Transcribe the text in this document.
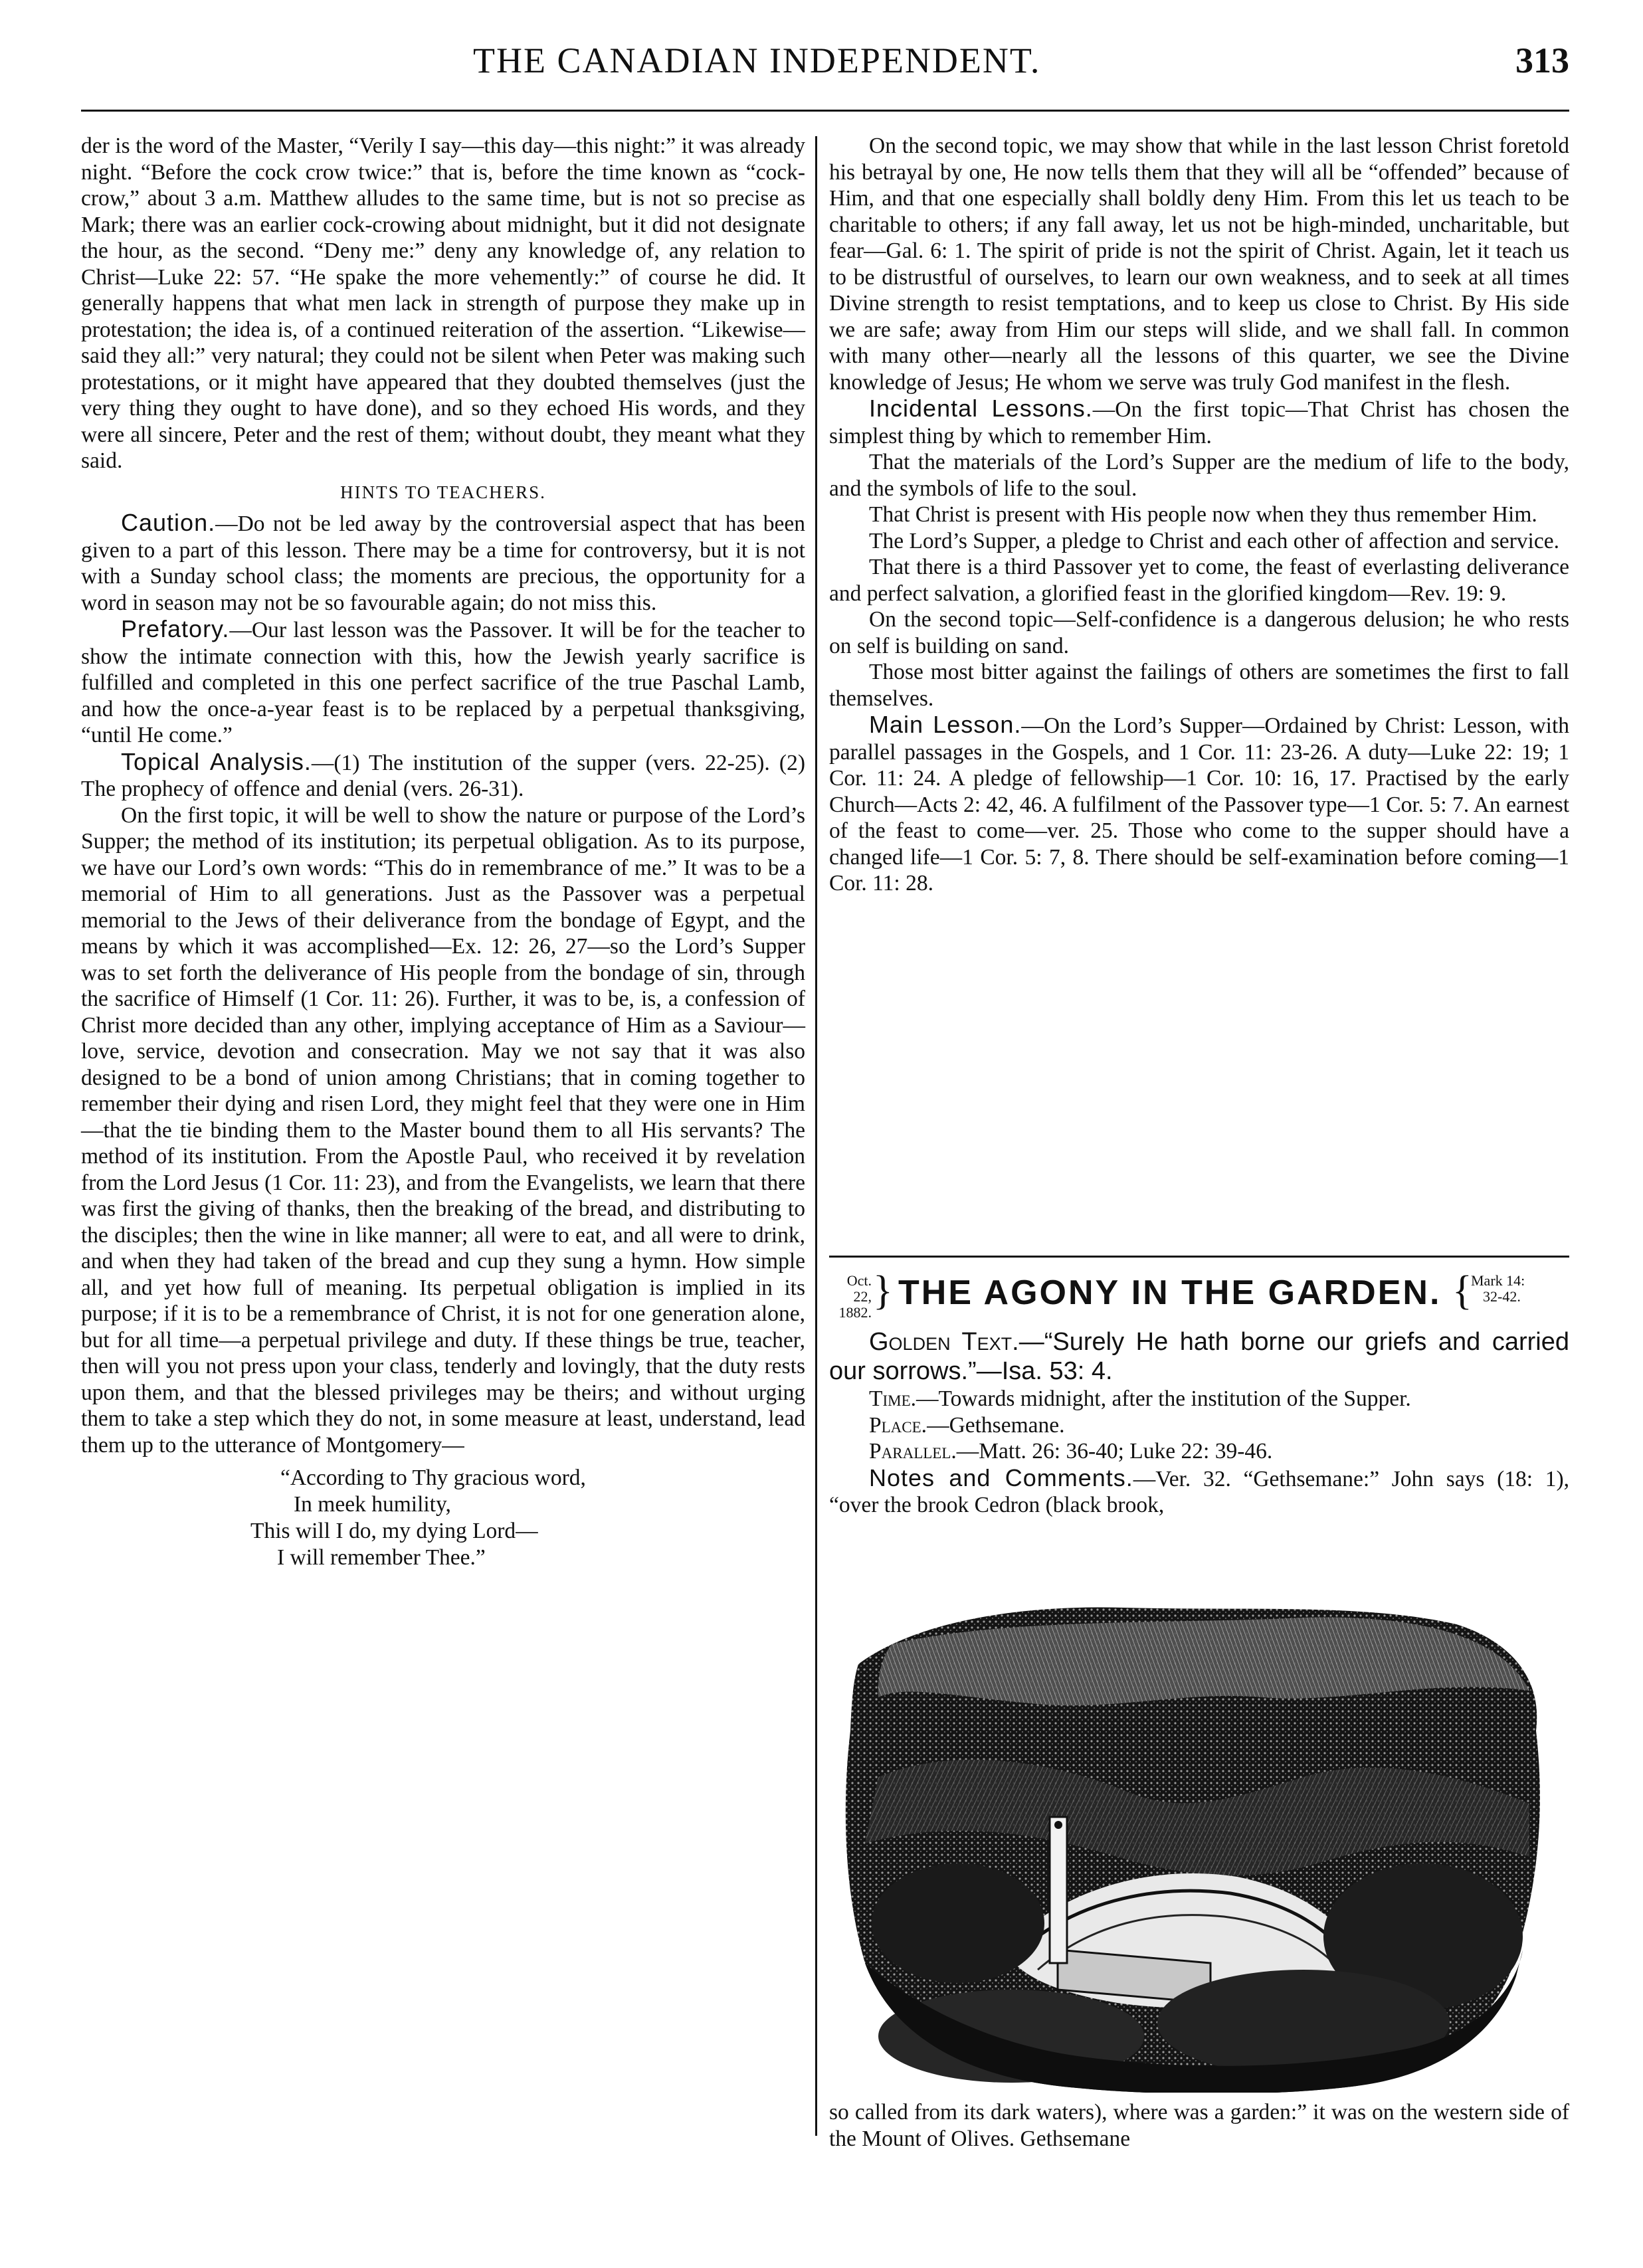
THE CANADIAN INDEPENDENT.	313

der is the word of the Master, “Verily I say—this day—this night:” it was already night. “Before the cock crow twice:” that is, before the time known as “cock-crow,” about 3 a.m. Matthew alludes to the same time, but is not so precise as Mark; there was an earlier cock-crowing about midnight, but it did not designate the hour, as the second. “Deny me:” deny any knowledge of, any relation to Christ—Luke 22: 57. “He spake the more vehemently:” of course he did. It generally happens that what men lack in strength of purpose they make up in protestation; the idea is, of a continued reiteration of the assertion. “Likewise—said they all:” very natural; they could not be silent when Peter was making such protestations, or it might have appeared that they doubted themselves (just the very thing they ought to have done), and so they echoed His words, and they were all sincere, Peter and the rest of them; without doubt, they meant what they said.

HINTS TO TEACHERS.

Caution.—Do not be led away by the controversial aspect that has been given to a part of this lesson. There may be a time for controversy, but it is not with a Sunday school class; the moments are precious, the opportunity for a word in season may not be so favourable again; do not miss this.

Prefatory.—Our last lesson was the Passover. It will be for the teacher to show the intimate connection with this, how the Jewish yearly sacrifice is fulfilled and completed in this one perfect sacrifice of the true Paschal Lamb, and how the once-a-year feast is to be replaced by a perpetual thanksgiving, “until He come.”

Topical Analysis.—(1) The institution of the supper (vers. 22-25). (2) The prophecy of offence and denial (vers. 26-31).

On the first topic, it will be well to show the nature or purpose of the Lord’s Supper; the method of its institution; its perpetual obligation. As to its purpose, we have our Lord’s own words: “This do in remembrance of me.” It was to be a memorial of Him to all generations. Just as the Passover was a perpetual memorial to the Jews of their deliverance from the bondage of Egypt, and the means by which it was accomplished—Ex. 12: 26, 27—so the Lord’s Supper was to set forth the deliverance of His people from the bondage of sin, through the sacrifice of Himself (1 Cor. 11: 26). Further, it was to be, is, a confession of Christ more decided than any other, implying acceptance of Him as a Saviour—love, service, devotion and consecration. May we not say that it was also designed to be a bond of union among Christians; that in coming together to remember their dying and risen Lord, they might feel that they were one in Him—that the tie binding them to the Master bound them to all His servants? The method of its institution. From the Apostle Paul, who received it by revelation from the Lord Jesus (1 Cor. 11: 23), and from the Evangelists, we learn that there was first the giving of thanks, then the breaking of the bread, and distributing to the disciples; then the wine in like manner; all were to eat, and all were to drink, and when they had taken of the bread and cup they sung a hymn. How simple all, and yet how full of meaning. Its perpetual obligation is implied in its purpose; if it is to be a remembrance of Christ, it is not for one generation alone, but for all time—a perpetual privilege and duty. If these things be true, teacher, then will you not press upon your class, tenderly and lovingly, that the duty rests upon them, and that the blessed privileges may be theirs; and without urging them to take a step which they do not, in some measure at least, understand, lead them up to the utterance of Montgomery—

“According to Thy gracious word,
In meek humility,
This will I do, my dying Lord—
I will remember Thee.”

On the second topic, we may show that while in the last lesson Christ foretold his betrayal by one, He now tells them that they will all be “offended” because of Him, and that one especially shall boldly deny Him. From this let us teach to be charitable to others; if any fall away, let us not be high-minded, uncharitable, but fear—Gal. 6: 1. The spirit of pride is not the spirit of Christ. Again, let it teach us to be distrustful of ourselves, to learn our own weakness, and to seek at all times Divine strength to resist temptations, and to keep us close to Christ. By His side we are safe; away from Him our steps will slide, and we shall fall. In common with many other—nearly all the lessons of this quarter, we see the Divine knowledge of Jesus; He whom we serve was truly God manifest in the flesh.

Incidental Lessons.—On the first topic—That Christ has chosen the simplest thing by which to remember Him.

That the materials of the Lord’s Supper are the medium of life to the body, and the symbols of life to the soul.

That Christ is present with His people now when they thus remember Him.

The Lord’s Supper, a pledge to Christ and each other of affection and service.

That there is a third Passover yet to come, the feast of everlasting deliverance and perfect salvation, a glorified feast in the glorified kingdom—Rev. 19: 9.

On the second topic—Self-confidence is a dangerous delusion; he who rests on self is building on sand.

Those most bitter against the failings of others are sometimes the first to fall themselves.

Main Lesson.—On the Lord’s Supper—Ordained by Christ: Lesson, with parallel passages in the Gospels, and 1 Cor. 11: 23-26. A duty—Luke 22: 19; 1 Cor. 11: 24. A pledge of fellowship—1 Cor. 10: 16, 17. Practised by the early Church—Acts 2: 42, 46. A fulfilment of the Passover type—1 Cor. 5: 7. An earnest of the feast to come—ver. 25. Those who come to the supper should have a changed life—1 Cor. 5: 7, 8. There should be self-examination before coming—1 Cor. 11: 28.

Oct. 22,
1882. } THE AGONY IN THE GARDEN. {
Mark 14:
32-42.

Golden Text.—“Surely He hath borne our griefs and carried our sorrows.”—Isa. 53: 4.

Time.—Towards midnight, after the institution of the Supper.

Place.—Gethsemane.

Parallel.—Matt. 26: 36-40; Luke 22: 39-46.

Notes and Comments.—Ver. 32. “Gethsemane:” John says (18: 1), “over the brook Cedron (black brook,

so called from its dark waters), where was a garden:” it was on the western side of the Mount of Olives. Gethsemane
